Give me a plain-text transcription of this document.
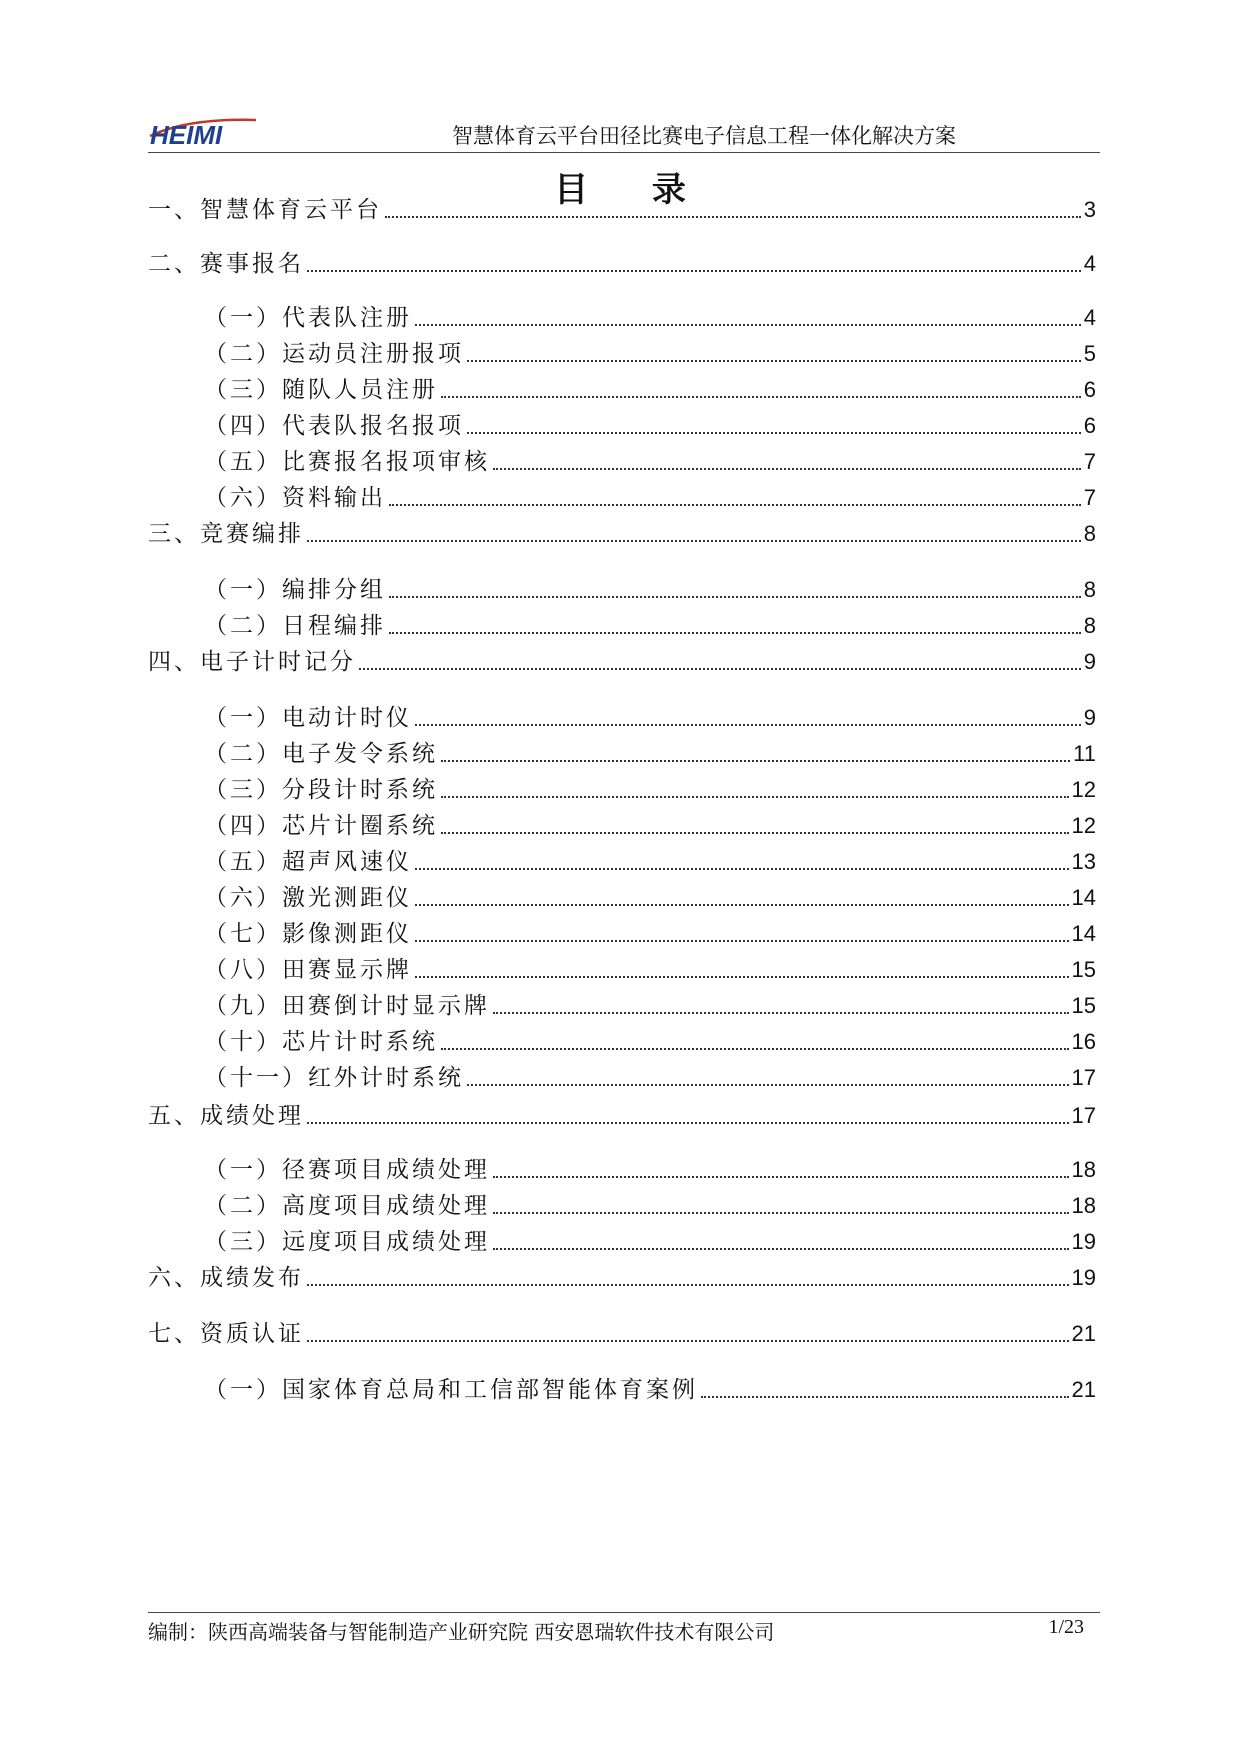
HEIMI	智慧体育云平台田径比赛电子信息工程一体化解决方案
目 录
一、智慧体育云平台	3
二、赛事报名	4
（一）代表队注册	4
（二）运动员注册报项	5
（三）随队人员注册	6
（四）代表队报名报项	6
（五）比赛报名报项审核	7
（六）资料输出	7
三、竞赛编排	8
（一）编排分组	8
（二）日程编排	8
四、电子计时记分	9
（一）电动计时仪	9
（二）电子发令系统	11
（三）分段计时系统	12
（四）芯片计圈系统	12
（五）超声风速仪	13
（六）激光测距仪	14
（七）影像测距仪	14
（八）田赛显示牌	15
（九）田赛倒计时显示牌	15
（十）芯片计时系统	16
（十一）红外计时系统	17
五、成绩处理	17
（一）径赛项目成绩处理	18
（二）高度项目成绩处理	18
（三）远度项目成绩处理	19
六、成绩发布	19
七、资质认证	21
（一）国家体育总局和工信部智能体育案例	21
编制：陕西高端装备与智能制造产业研究院 西安恩瑞软件技术有限公司	1/23
